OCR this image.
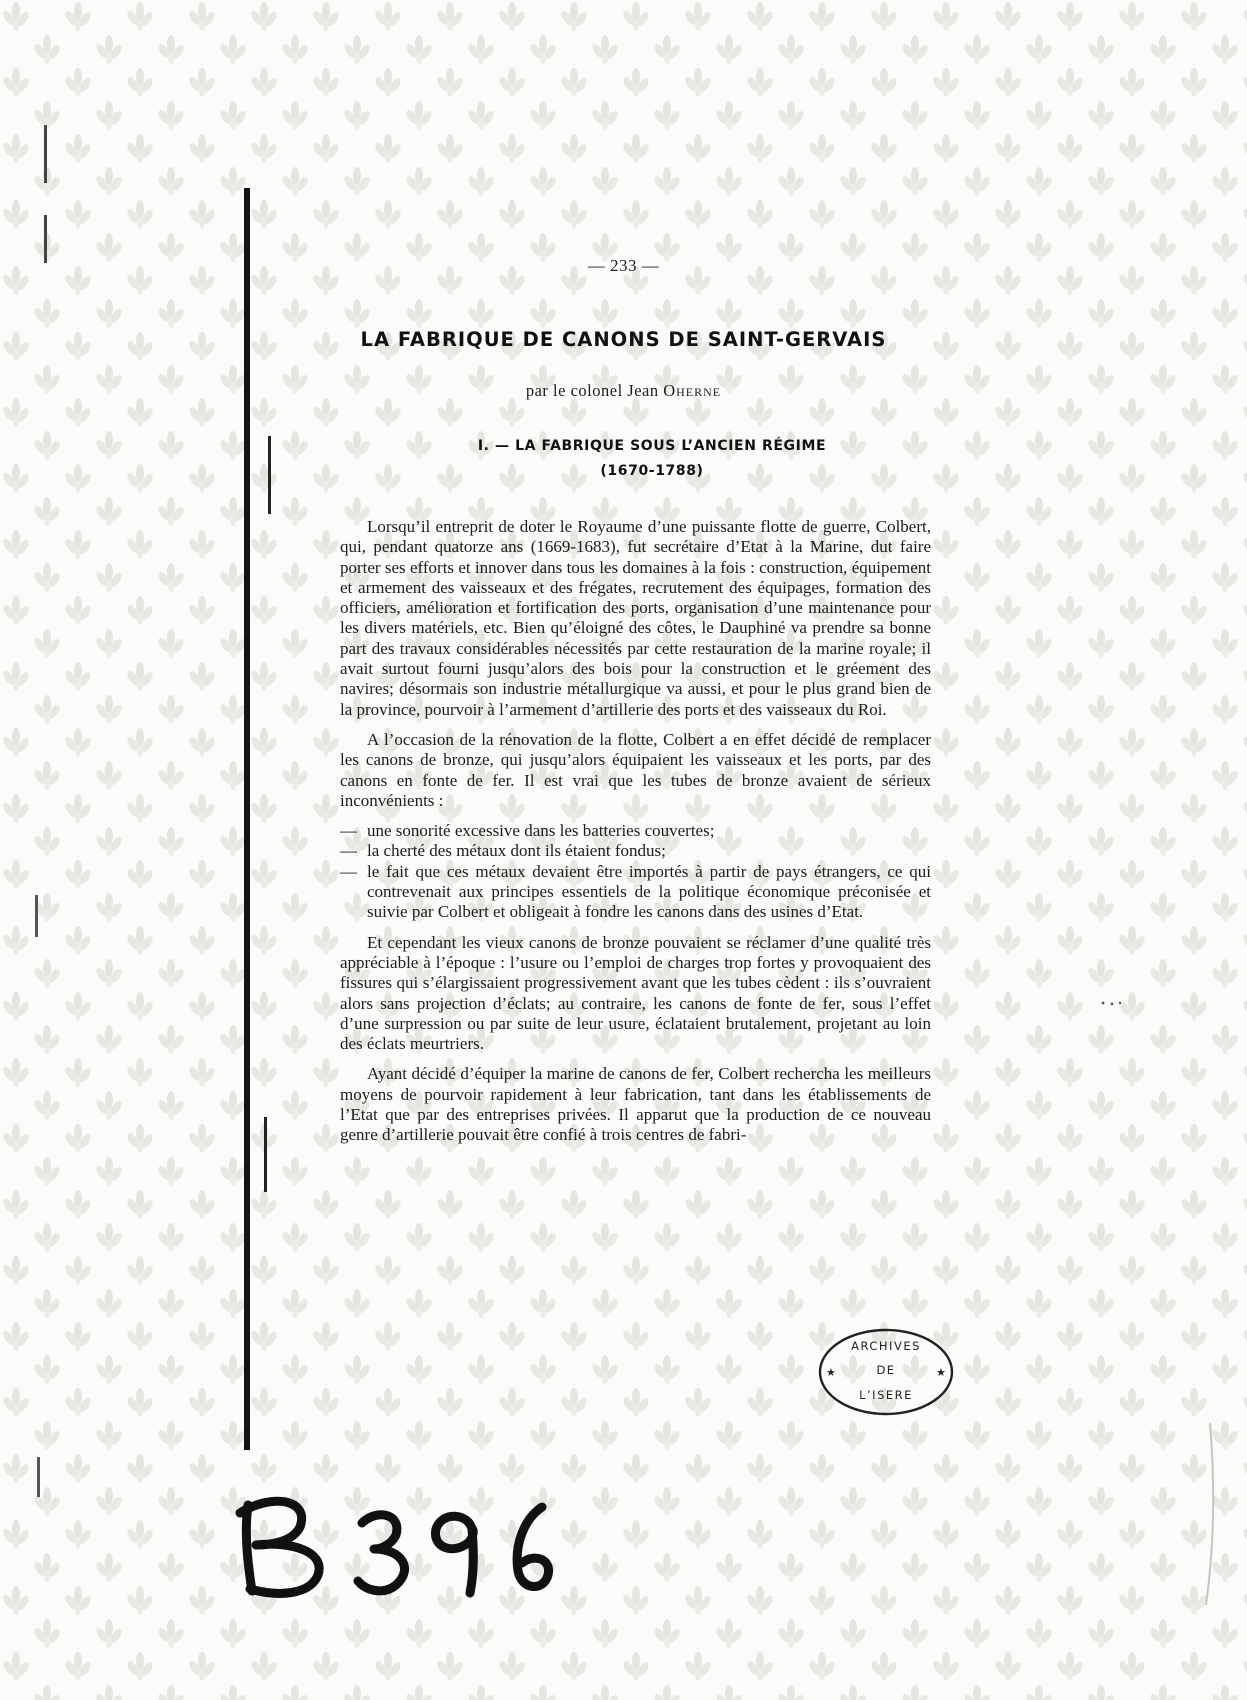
— 233 —
LA FABRIQUE DE CANONS DE SAINT-GERVAIS
par le colonel Jean Oherne
I. — LA FABRIQUE SOUS L’ANCIEN RÉGIME
(1670-1788)

Lorsqu’il entreprit de doter le Royaume d’une puissante flotte de guerre, Colbert, qui, pendant quatorze ans (1669-1683), fut secrétaire d’Etat à la Marine, dut faire porter ses efforts et innover dans tous les domaines à la fois : construction, équipement et armement des vaisseaux et des frégates, recrutement des équipages, formation des officiers, amélioration et fortification des ports, organisation d’une maintenance pour les divers matériels, etc. Bien qu’éloigné des côtes, le Dauphiné va prendre sa bonne part des travaux considérables nécessités par cette restauration de la marine royale; il avait surtout fourni jusqu’alors des bois pour la construction et le gréement des navires; désormais son industrie métallurgique va aussi, et pour le plus grand bien de la province, pourvoir à l’armement d’artillerie des ports et des vaisseaux du Roi.

A l’occasion de la rénovation de la flotte, Colbert a en effet décidé de remplacer les canons de bronze, qui jusqu’alors équipaient les vaisseaux et les ports, par des canons en fonte de fer. Il est vrai que les tubes de bronze avaient de sérieux inconvénients :

— une sonorité excessive dans les batteries couvertes;
— la cherté des métaux dont ils étaient fondus;
— le fait que ces métaux devaient être importés à partir de pays étrangers, ce qui contrevenait aux principes essentiels de la politique économique préconisée et suivie par Colbert et obligeait à fondre les canons dans des usines d’Etat.

Et cependant les vieux canons de bronze pouvaient se réclamer d’une qualité très appréciable à l’époque : l’usure ou l’emploi de charges trop fortes y provoquaient des fissures qui s’élargissaient progressivement avant que les tubes cèdent : ils s’ouvraient alors sans projection d’éclats; au contraire, les canons de fonte de fer, sous l’effet d’une surpression ou par suite de leur usure, éclataient brutalement, projetant au loin des éclats meurtriers.

Ayant décidé d’équiper la marine de canons de fer, Colbert rechercha les meilleurs moyens de pourvoir rapidement à leur fabrication, tant dans les établissements de l’Etat que par des entreprises privées. Il apparut que la production de ce nouveau genre d’artillerie pouvait être confié à trois centres de fabri-

★	★
ARCHIVES
DE
L’ISERE
